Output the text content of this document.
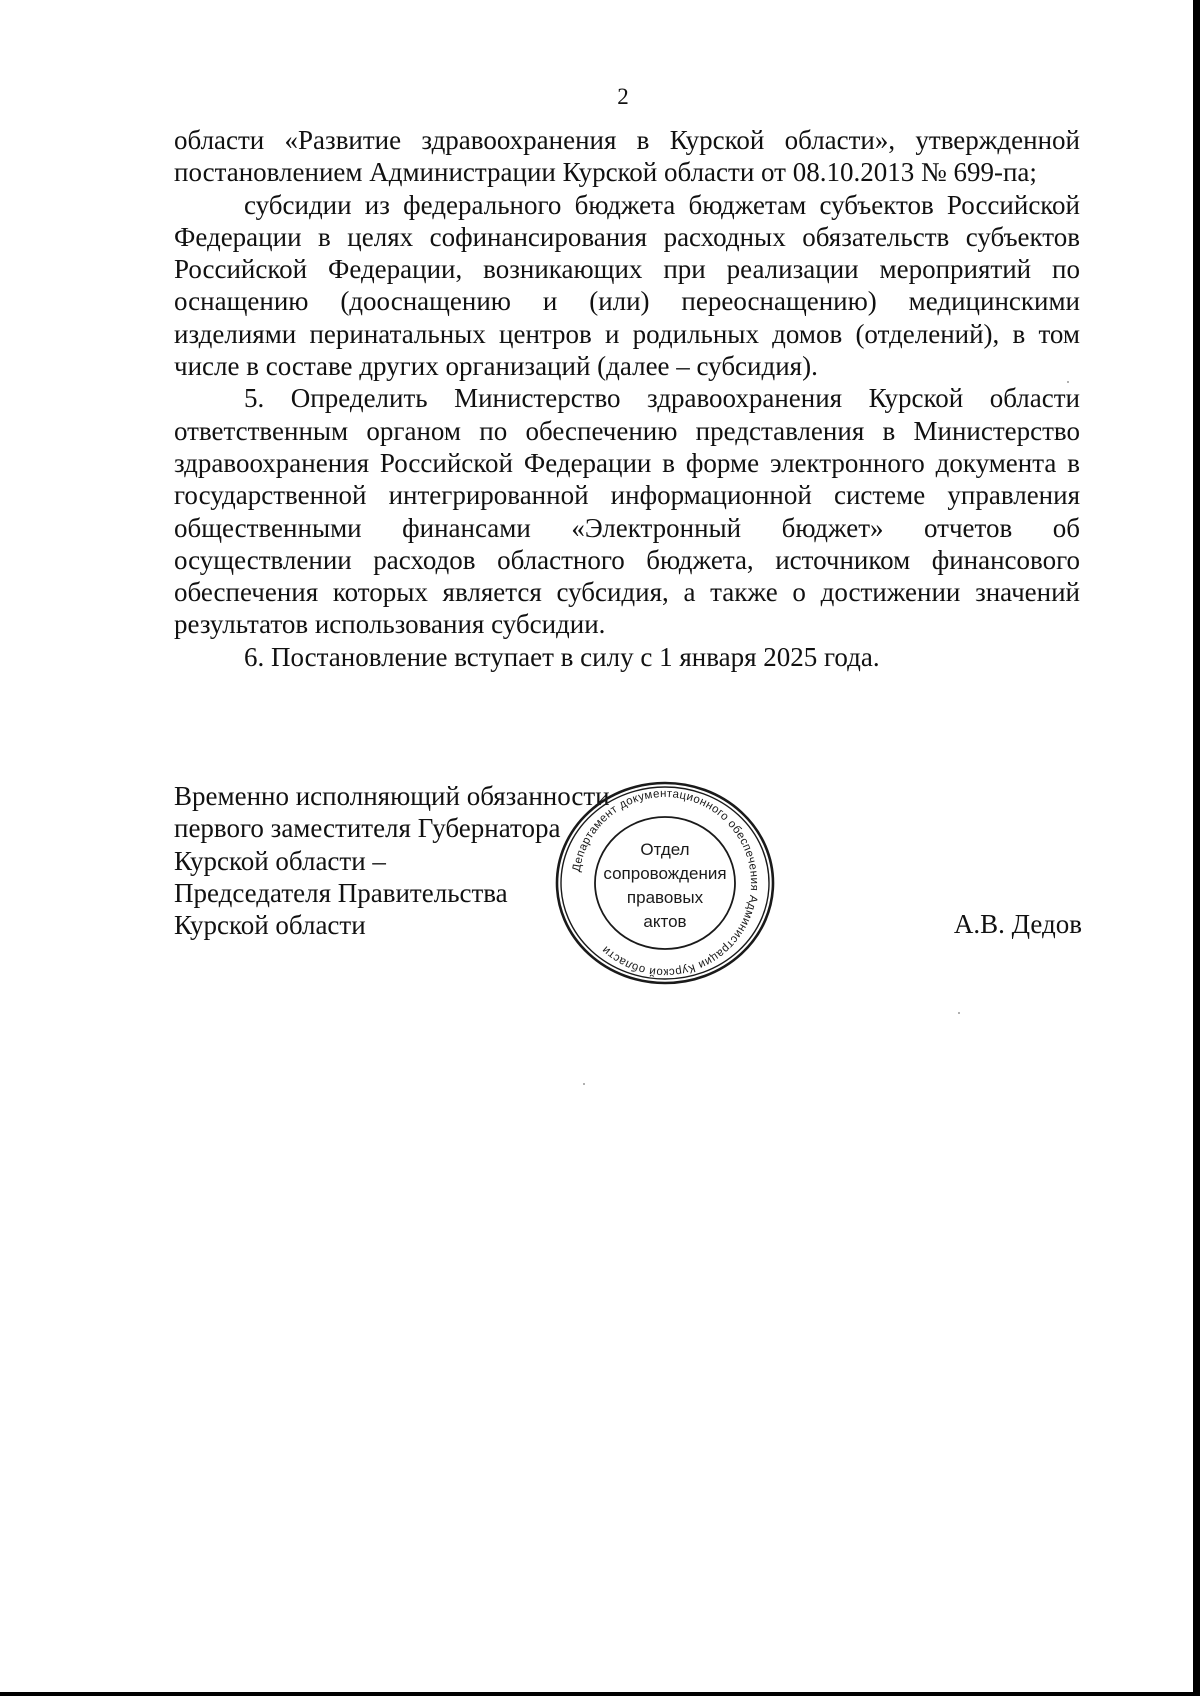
2

области «Развитие здравоохранения в Курской области», утвержденной постановлением Администрации Курской области от 08.10.2013 № 699-па;

субсидии из федерального бюджета бюджетам субъектов Российской Федерации в целях софинансирования расходных обязательств субъектов Российской Федерации, возникающих при реализации мероприятий по оснащению (дооснащению и (или) переоснащению) медицинскими изделиями перинатальных центров и родильных домов (отделений), в том числе в составе других организаций (далее – субсидия).

5. Определить Министерство здравоохранения Курской области ответственным органом по обеспечению представления в Министерство здравоохранения Российской Федерации в форме электронного документа в государственной интегрированной информационной системе управления общественными финансами «Электронный бюджет» отчетов об осуществлении расходов областного бюджета, источником финансового обеспечения которых является субсидия, а также о достижении значений результатов использования субсидии.

6. Постановление вступает в силу с 1 января 2025 года.

Временно исполняющий обязанности
первого заместителя Губернатора
Курской области –
Председателя Правительства
Курской области
Департамент документационного обеспечения Администрации Курской области
Отдел
сопровождения
правовых
актов	А.В. Дедов
